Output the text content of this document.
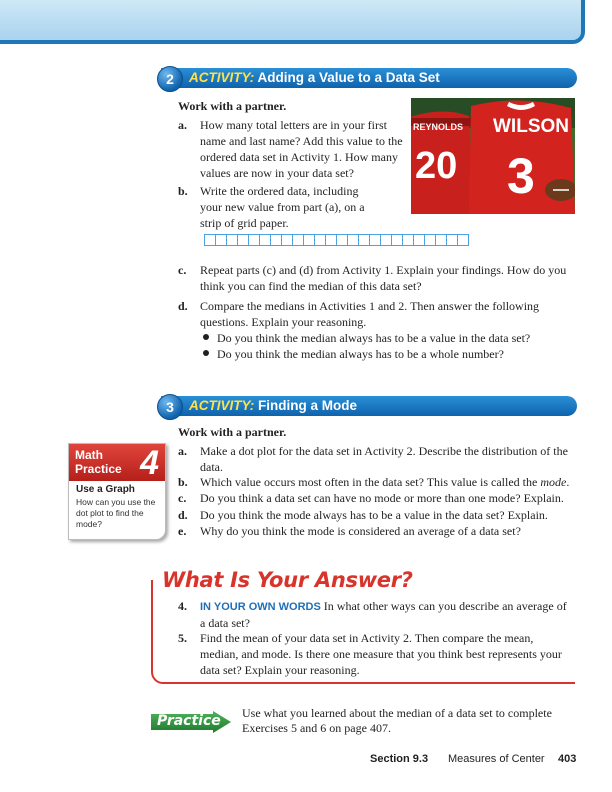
2	ACTIVITY: Adding a Value to a Data Set
Work with a partner.
a. How many total letters are in your first name and last name? Add this value to the ordered data set in Activity 1. How many values are now in your data set?
b. Write the ordered data, including your new value from part (a), on a strip of grid paper.
REYNOLDS
20
WILSON
3
c. Repeat parts (c) and (d) from Activity 1. Explain your findings. How do you think you can find the median of this data set?
d. Compare the medians in Activities 1 and 2. Then answer the following questions. Explain your reasoning.
Do you think the median always has to be a value in the data set?
Do you think the median always has to be a whole number?
3	ACTIVITY: Finding a Mode
Work with a partner.
a. Make a dot plot for the data set in Activity 2. Describe the distribution of the data.
b. Which value occurs most often in the data set? This value is called the mode.
c. Do you think a data set can have no mode or more than one mode? Explain.
d. Do you think the mode always has to be a value in the data set? Explain.
e. Why do you think the mode is considered an average of a data set?
Math
Practice 4
Use a Graph
How can you use the dot plot to find the mode?
What Is Your Answer?
4. IN YOUR OWN WORDS In what other ways can you describe an average of a data set?
5. Find the mean of your data set in Activity 2. Then compare the mean, median, and mode. Is there one measure that you think best represents your data set? Explain your reasoning.
Practice Use what you learned about the median of a data set to complete Exercises 5 and 6 on page 407.
Section 9.3 Measures of Center 403
